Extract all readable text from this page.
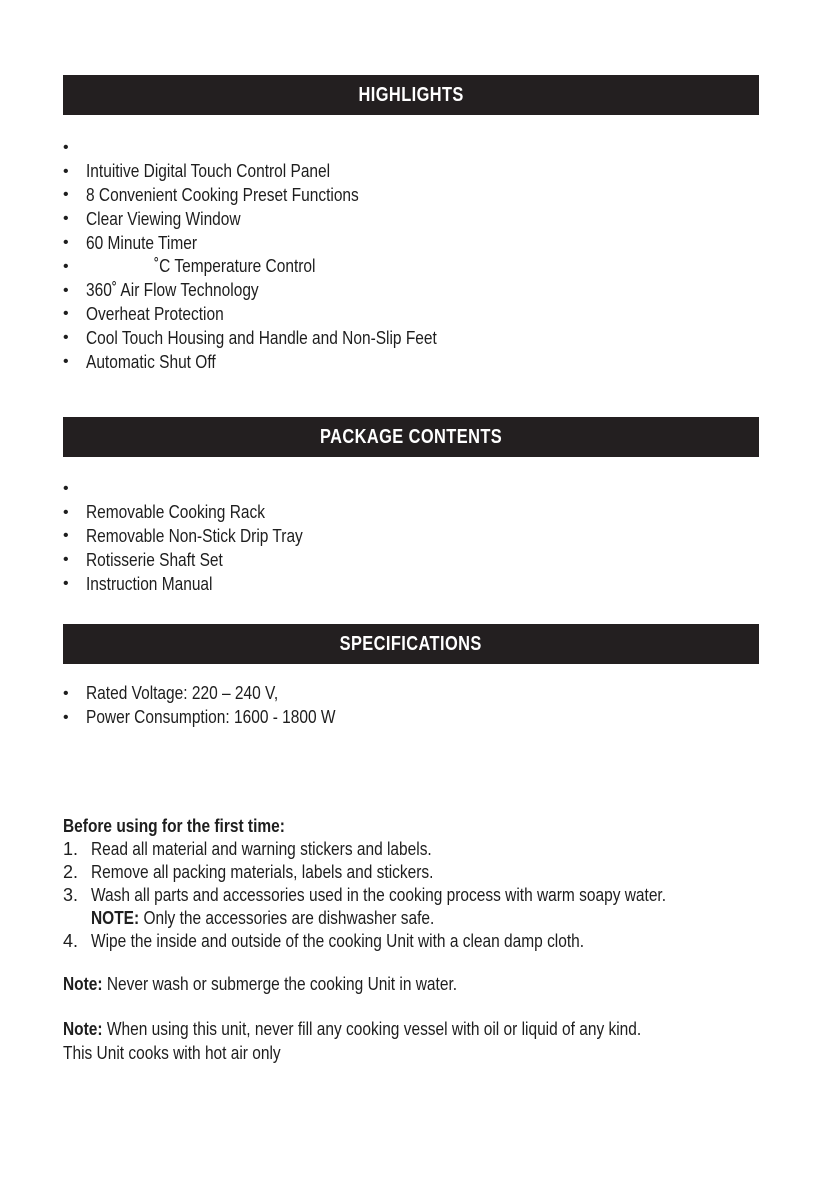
HIGHLIGHTS
•
• Intuitive Digital Touch Control Panel
• 8 Convenient Cooking Preset Functions
• Clear Viewing Window
• 60 Minute Timer
•	˚C Temperature Control
• 360˚ Air Flow Technology
• Overheat Protection
• Cool Touch Housing and Handle and Non-Slip Feet
• Automatic Shut Off
PACKAGE CONTENTS
•
• Removable Cooking Rack
• Removable Non-Stick Drip Tray
• Rotisserie Shaft Set
• Instruction Manual
SPECIFICATIONS
• Rated Voltage: 220 – 240 V,
• Power Consumption: 1600 - 1800 W
Before using for the first time:
1. Read all material and warning stickers and labels.
2. Remove all packing materials, labels and stickers.
3. Wash all parts and accessories used in the cooking process with warm soapy water.
NOTE: Only the accessories are dishwasher safe.
4. Wipe the inside and outside of the cooking Unit with a clean damp cloth.
Note: Never wash or submerge the cooking Unit in water.
Note: When using this unit, never fill any cooking vessel with oil or liquid of any kind.
This Unit cooks with hot air only
